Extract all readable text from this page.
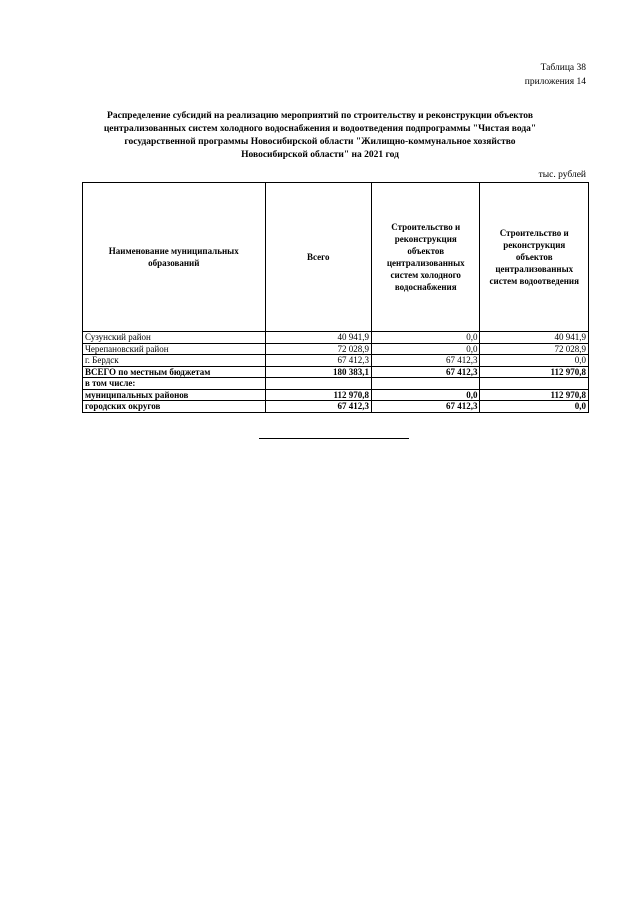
Таблица 38
приложения 14
Распределение субсидий на реализацию мероприятий по строительству и реконструкции объектов централизованных систем холодного водоснабжения и водоотведения подпрограммы "Чистая вода" государственной программы Новосибирской области "Жилищно-коммунальное хозяйство Новосибирской области" на 2021 год
тыс. рублей
Наименование муниципальных образований	Всего	Строительство и реконструкция объектов централизованных систем холодного водоснабжения	Строительство и реконструкция объектов централизованных систем водоотведения
Сузунский район	40 941,9	0,0	40 941,9
Черепановский район	72 028,9	0,0	72 028,9
г. Бердск	67 412,3	67 412,3	0,0
ВСЕГО по местным бюджетам	180 383,1	67 412,3	112 970,8
в том числе:			
муниципальных районов	112 970,8	0,0	112 970,8
городских округов	67 412,3	67 412,3	0,0
